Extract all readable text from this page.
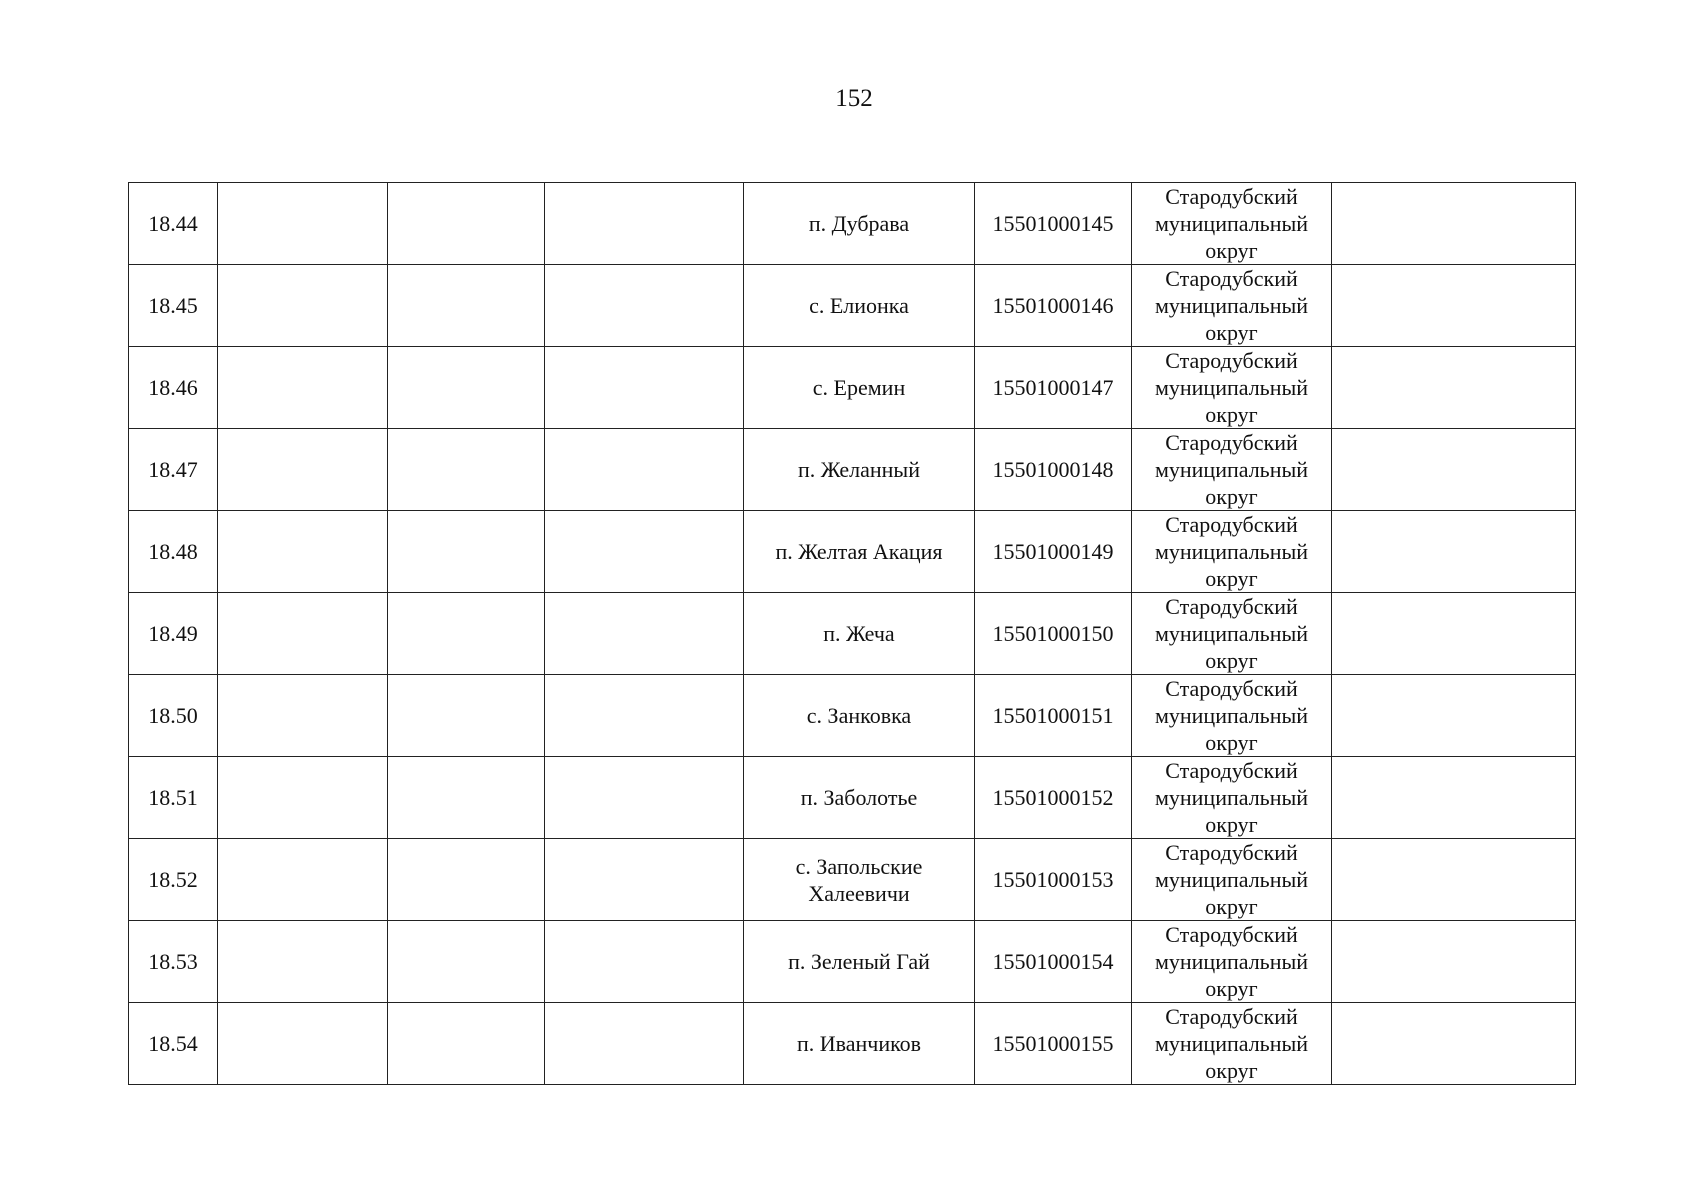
152
18.44				п. Дубрава	15501000145	Стародубский
муниципальный
округ	

18.45				с. Елионка	15501000146	Стародубский
муниципальный
округ	

18.46				с. Еремин	15501000147	Стародубский
муниципальный
округ	

18.47				п. Желанный	15501000148	Стародубский
муниципальный
округ	

18.48				п. Желтая Акация	15501000149	Стародубский
муниципальный
округ	

18.49				п. Жеча	15501000150	Стародубский
муниципальный
округ	

18.50				с. Занковка	15501000151	Стародубский
муниципальный
округ	

18.51				п. Заболотье	15501000152	Стародубский
муниципальный
округ	

18.52				с. Запольские Халеевичи	15501000153	Стародубский
муниципальный
округ	

18.53				п. Зеленый Гай	15501000154	Стародубский
муниципальный
округ	

18.54				п. Иванчиков	15501000155	Стародубский
муниципальный
округ	
